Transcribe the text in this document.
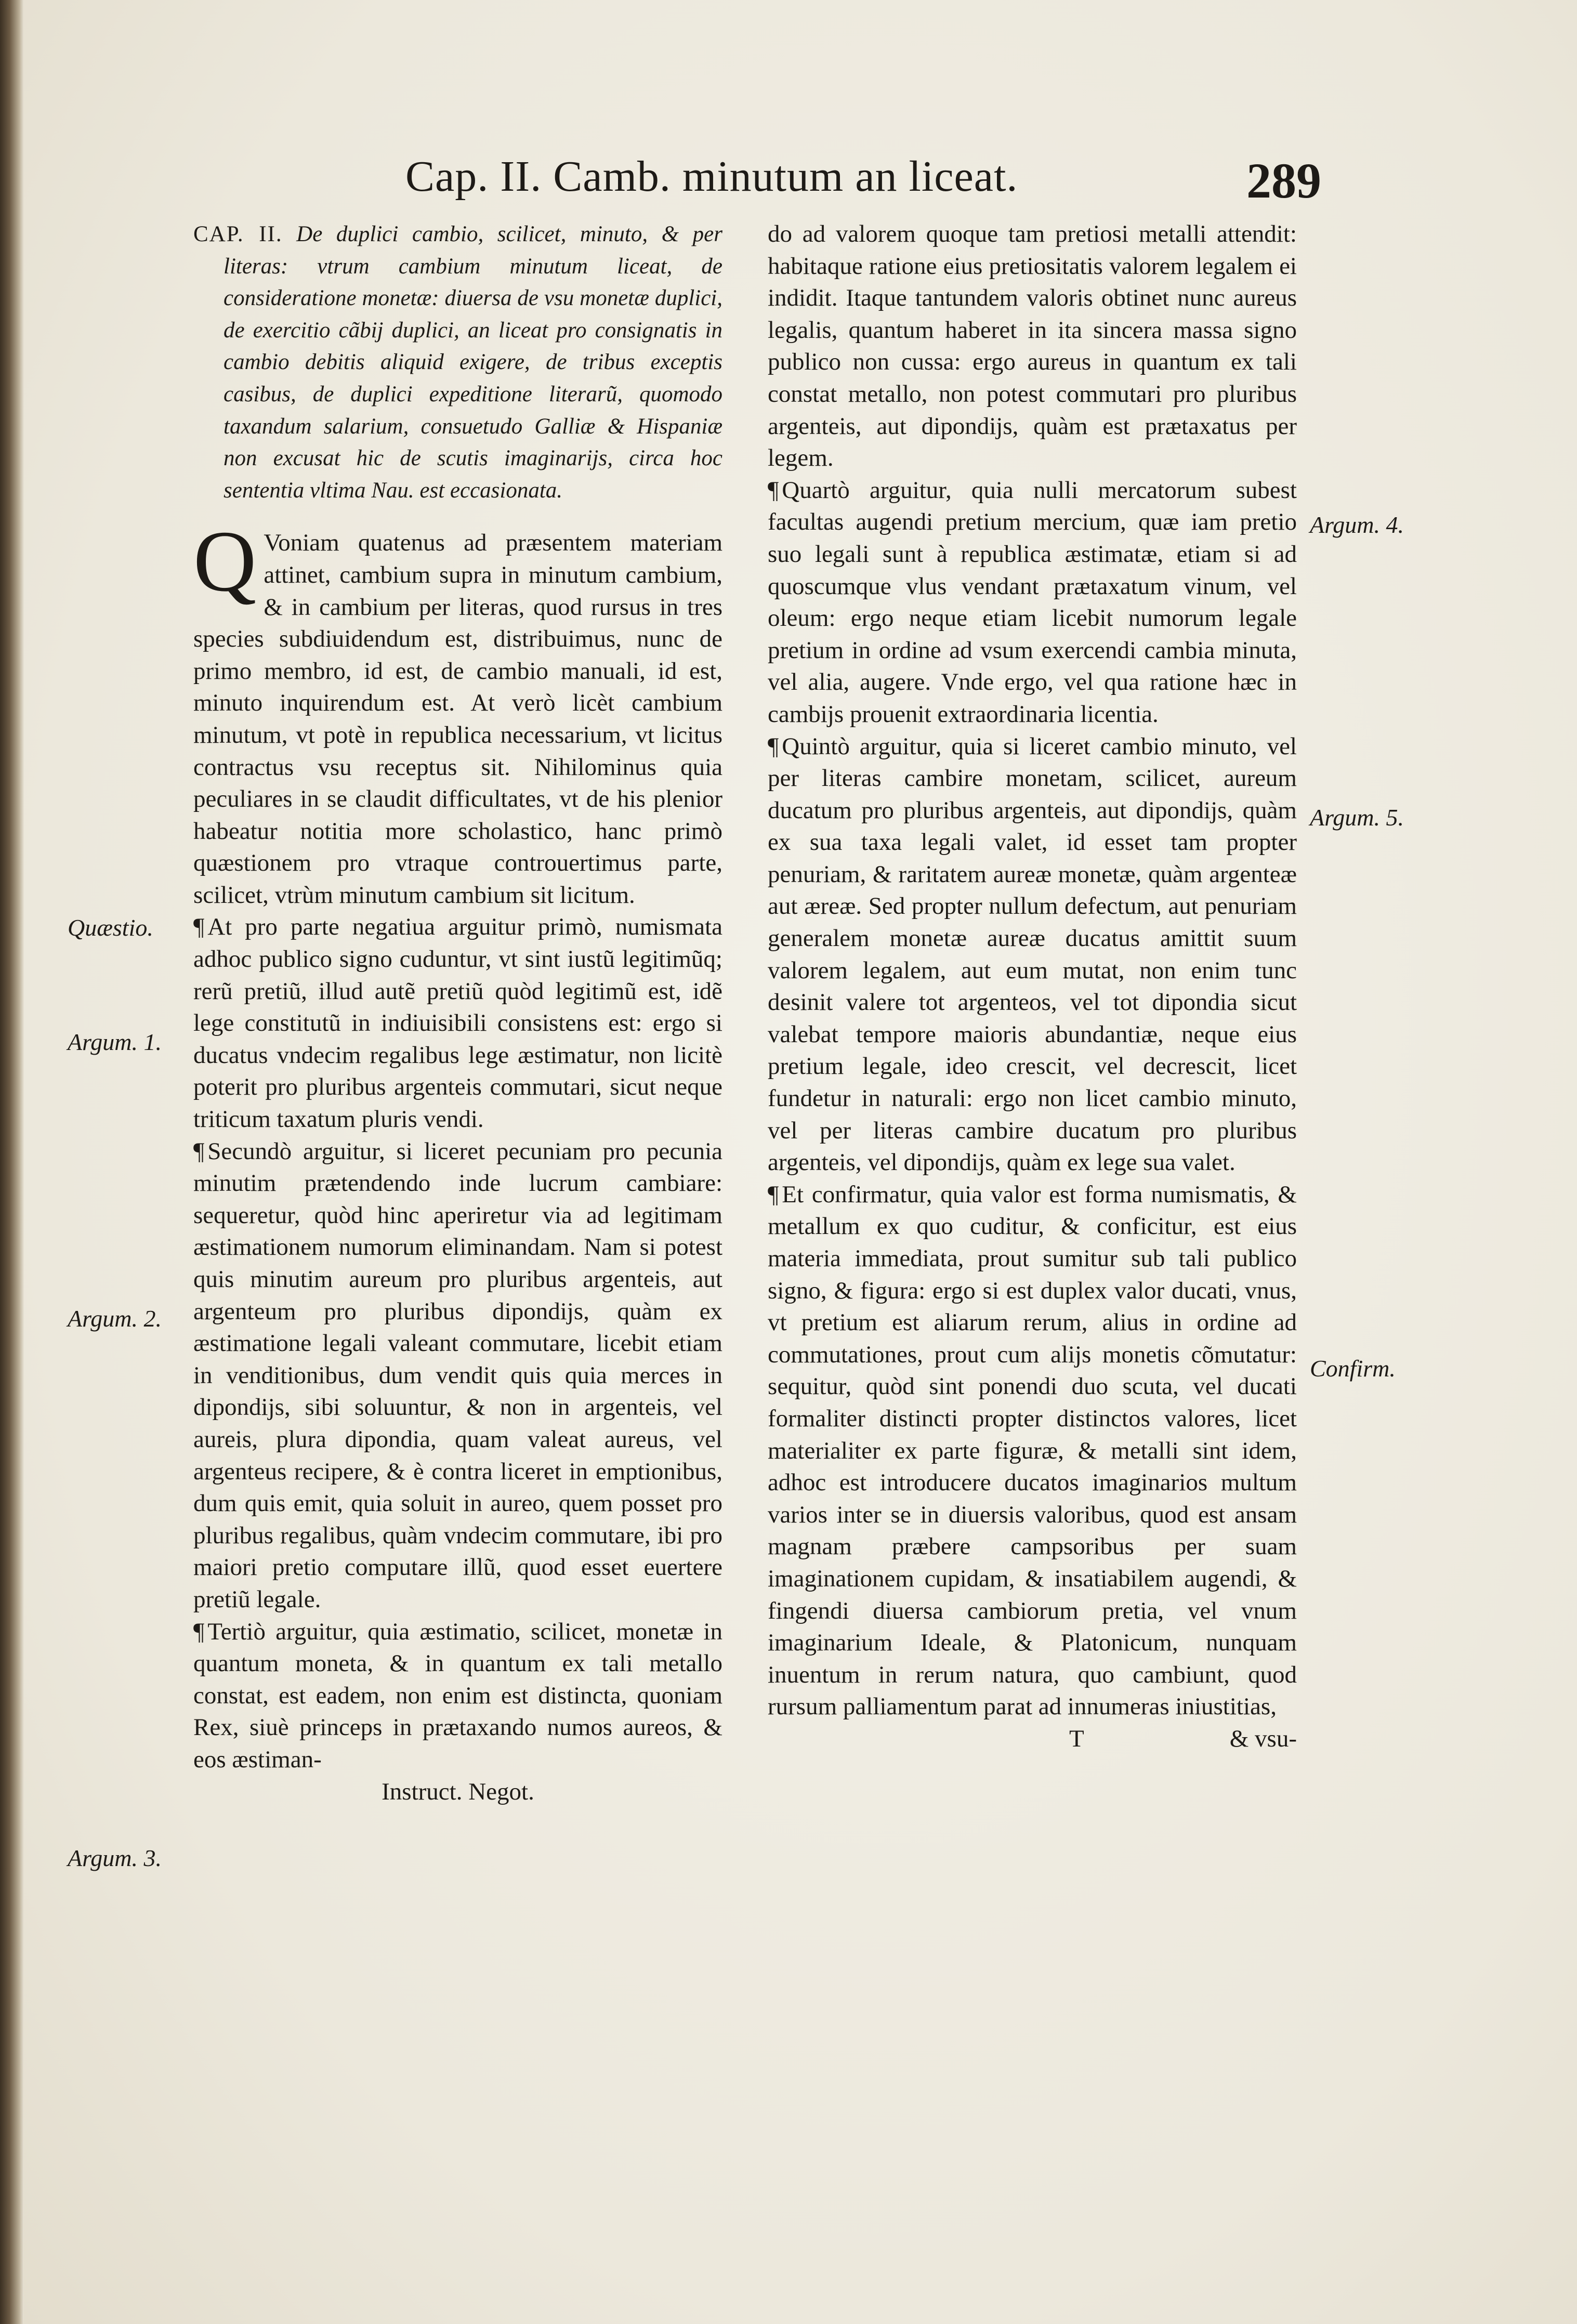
Cap. II. Camb. minutum an liceat.	289

CAP. II. De duplici cambio, scilicet, minuto, & per literas: vtrum cambium minutum liceat, de consideratione monetæ: diuersa de vsu monetæ duplici, de exercitio cãbij duplici, an liceat pro consignatis in cambio debitis aliquid exigere, de tribus exceptis casibus, de duplici expeditione literarũ, quomodo taxandum salarium, consuetudo Galliæ & Hispaniæ non excusat hic de scutis imaginarijs, circa hoc sententia vltima Nau. est eccasionata.

Q Voniam quatenus ad præsentem materiam attinet, cambium supra in minutum cambium, & in cambium per literas, quod rursus in tres species subdiuidendum est, distribuimus, nunc de primo membro, id est, de cambio manuali, id est, minuto inquirendum est. At verò licèt cambium minutum, vt potè in republica necessarium, vt licitus contractus vsu receptus sit. Nihilominus quia peculiares in se claudit difficultates, vt de his plenior habeatur notitia more scholastico, hanc primò quæstionem pro vtraque controuertimus parte, scilicet, vtrùm minutum cambium sit licitum.

¶ At pro parte negatiua arguitur primò, numismata adhoc publico signo cuduntur, vt sint iustũ legitimũq; rerũ pretiũ, illud autẽ pretiũ quòd legitimũ est, idẽ lege constitutũ in indiuisibili consistens est: ergo si ducatus vndecim regalibus lege æstimatur, non licitè poterit pro pluribus argenteis commutari, sicut neque triticum taxatum pluris vendi.

¶ Secundò arguitur, si liceret pecuniam pro pecunia minutim prætendendo inde lucrum cambiare: sequeretur, quòd hinc aperiretur via ad legitimam æstimationem numorum eliminandam. Nam si potest quis minutim aureum pro pluribus argenteis, aut argenteum pro pluribus dipondijs, quàm ex æstimatione legali valeant commutare, licebit etiam in venditionibus, dum vendit quis quia merces in dipondijs, sibi soluuntur, & non in argenteis, vel aureis, plura dipondia, quam valeat aureus, vel argenteus recipere, & è contra liceret in emptionibus, dum quis emit, quia soluit in aureo, quem posset pro pluribus regalibus, quàm vndecim commutare, ibi pro maiori pretio computare illũ, quod esset euertere pretiũ legale.

¶ Tertiò arguitur, quia æstimatio, scilicet, monetæ in quantum moneta, & in quantum ex tali metallo constat, est eadem, non enim est distincta, quoniam Rex, siuè princeps in prætaxando numos aureos, & eos æstiman-

Instruct. Negot.

do ad valorem quoque tam pretiosi metalli attendit: habitaque ratione eius pretiositatis valorem legalem ei indidit. Itaque tantundem valoris obtinet nunc aureus legalis, quantum haberet in ita sincera massa signo publico non cussa: ergo aureus in quantum ex tali constat metallo, non potest commutari pro pluribus argenteis, aut dipondijs, quàm est prætaxatus per legem.

¶ Quartò arguitur, quia nulli mercatorum subest facultas augendi pretium mercium, quæ iam pretio suo legali sunt à republica æstimatæ, etiam si ad quoscumque vlus vendant prætaxatum vinum, vel oleum: ergo neque etiam licebit numorum legale pretium in ordine ad vsum exercendi cambia minuta, vel alia, augere. Vnde ergo, vel qua ratione hæc in cambijs prouenit extraordinaria licentia.

¶ Quintò arguitur, quia si liceret cambio minuto, vel per literas cambire monetam, scilicet, aureum ducatum pro pluribus argenteis, aut dipondijs, quàm ex sua taxa legali valet, id esset tam propter penuriam, & raritatem aureæ monetæ, quàm argenteæ aut æreæ. Sed propter nullum defectum, aut penuriam generalem monetæ aureæ ducatus amittit suum valorem legalem, aut eum mutat, non enim tunc desinit valere tot argenteos, vel tot dipondia sicut valebat tempore maioris abundantiæ, neque eius pretium legale, ideo crescit, vel decrescit, licet fundetur in naturali: ergo non licet cambio minuto, vel per literas cambire ducatum pro pluribus argenteis, vel dipondijs, quàm ex lege sua valet.

¶ Et confirmatur, quia valor est forma numismatis, & metallum ex quo cuditur, & conficitur, est eius materia immediata, prout sumitur sub tali publico signo, & figura: ergo si est duplex valor ducati, vnus, vt pretium est aliarum rerum, alius in ordine ad commutationes, prout cum alijs monetis cõmutatur: sequitur, quòd sint ponendi duo scuta, vel ducati formaliter distincti propter distinctos valores, licet materialiter ex parte figuræ, & metalli sint idem, adhoc est introducere ducatos imaginarios multum varios inter se in diuersis valoribus, quod est ansam magnam præbere campsoribus per suam imaginationem cupidam, & insatiabilem augendi, & fingendi diuersa cambiorum pretia, vel vnum imaginarium Ideale, & Platonicum, nunquam inuentum in rerum natura, quo cambiunt, quod rursum palliamentum parat ad innumeras iniustitias,

T	& vsu-
Quæstio.
Argum. 1.
Argum. 2.
Argum. 3.
Argum. 4.
Argum. 5.
Confirm.
